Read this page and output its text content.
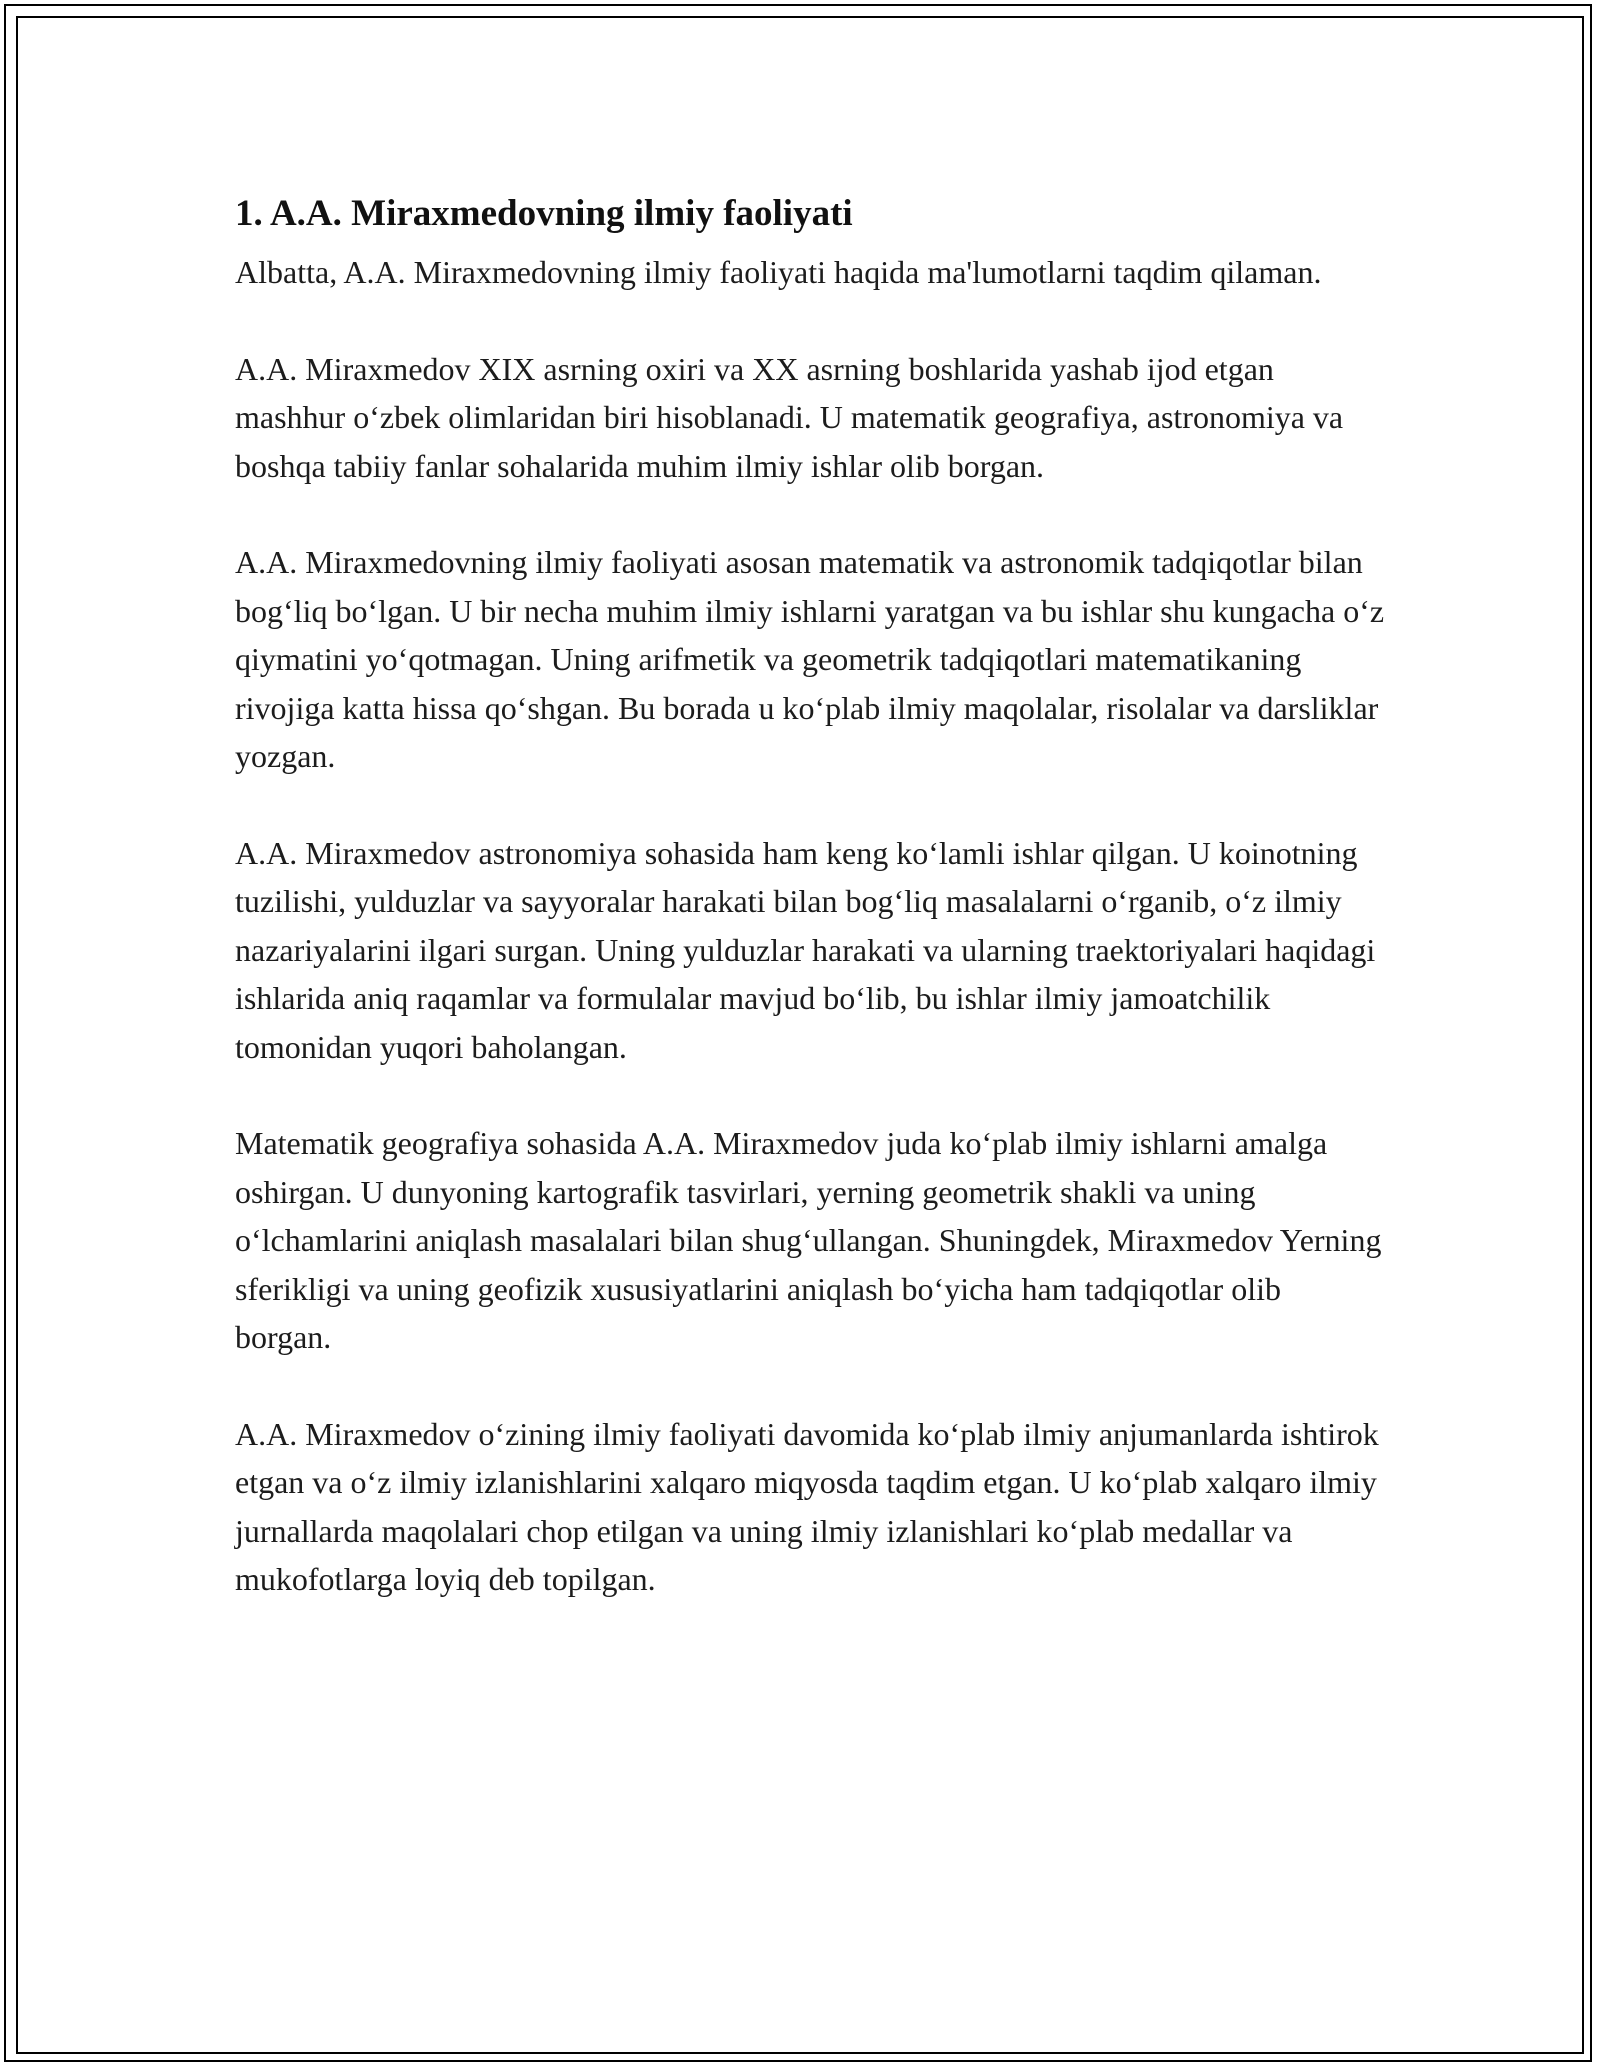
1. A.A. Miraxmedovning ilmiy faoliyati

Albatta, A.A. Miraxmedovning ilmiy faoliyati haqida ma'lumotlarni taqdim qilaman.

A.A. Miraxmedov XIX asrning oxiri va XX asrning boshlarida yashab ijod etgan mashhur o‘zbek olimlaridan biri hisoblanadi. U matematik geografiya, astronomiya va boshqa tabiiy fanlar sohalarida muhim ilmiy ishlar olib borgan.

A.A. Miraxmedovning ilmiy faoliyati asosan matematik va astronomik tadqiqotlar bilan bog‘liq bo‘lgan. U bir necha muhim ilmiy ishlarni yaratgan va bu ishlar shu kungacha o‘z qiymatini yo‘qotmagan. Uning arifmetik va geometrik tadqiqotlari matematikaning rivojiga katta hissa qo‘shgan. Bu borada u ko‘plab ilmiy maqolalar, risolalar va darsliklar yozgan.

A.A. Miraxmedov astronomiya sohasida ham keng ko‘lamli ishlar qilgan. U koinotning tuzilishi, yulduzlar va sayyoralar harakati bilan bog‘liq masalalarni o‘rganib, o‘z ilmiy nazariyalarini ilgari surgan. Uning yulduzlar harakati va ularning traektoriyalari haqidagi ishlarida aniq raqamlar va formulalar mavjud bo‘lib, bu ishlar ilmiy jamoatchilik tomonidan yuqori baholangan.

Matematik geografiya sohasida A.A. Miraxmedov juda ko‘plab ilmiy ishlarni amalga oshirgan. U dunyoning kartografik tasvirlari, yerning geometrik shakli va uning o‘lchamlarini aniqlash masalalari bilan shug‘ullangan. Shuningdek, Miraxmedov Yerning sferikligi va uning geofizik xususiyatlarini aniqlash bo‘yicha ham tadqiqotlar olib borgan.

A.A. Miraxmedov o‘zining ilmiy faoliyati davomida ko‘plab ilmiy anjumanlarda ishtirok etgan va o‘z ilmiy izlanishlarini xalqaro miqyosda taqdim etgan. U ko‘plab xalqaro ilmiy jurnallarda maqolalari chop etilgan va uning ilmiy izlanishlari ko‘plab medallar va mukofotlarga loyiq deb topilgan.
